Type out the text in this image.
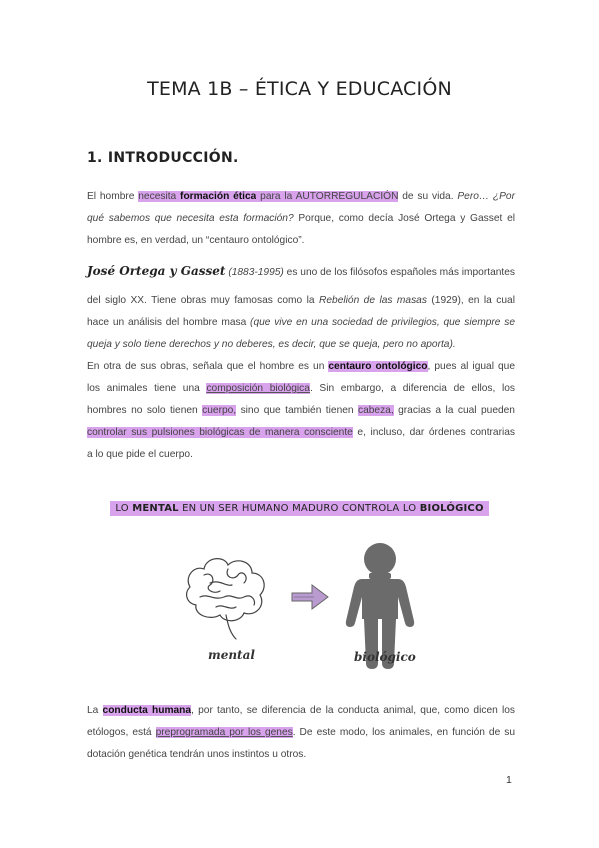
TEMA 1B – ÉTICA Y EDUCACIÓN
1. INTRODUCCIÓN.
El hombre necesita formación ética para la AUTORREGULACIÓN de su vida. Pero… ¿Por
qué sabemos que necesita esta formación? Porque, como decía José Ortega y Gasset el
hombre es, en verdad, un “centauro ontológico”.
José Ortega y Gasset (1883-1995) es uno de los filósofos españoles más importantes
del siglo XX. Tiene obras muy famosas como la Rebelión de las masas (1929), en la cual
hace un análisis del hombre masa (que vive en una sociedad de privilegios, que siempre se
queja y solo tiene derechos y no deberes, es decir, que se queja, pero no aporta).
En otra de sus obras, señala que el hombre es un centauro ontológico, pues al igual que
los animales tiene una composición biológica. Sin embargo, a diferencia de ellos, los
hombres no solo tienen cuerpo, sino que también tienen cabeza, gracias a la cual pueden
controlar sus pulsiones biológicas de manera consciente e, incluso, dar órdenes contrarias
a lo que pide el cuerpo.
LO MENTAL EN UN SER HUMANO MADURO CONTROLA LO BIOLÓGICO
mental	biológico
La conducta humana, por tanto, se diferencia de la conducta animal, que, como dicen los
etólogos, está preprogramada por los genes. De este modo, los animales, en función de su
dotación genética tendrán unos instintos u otros.
1
